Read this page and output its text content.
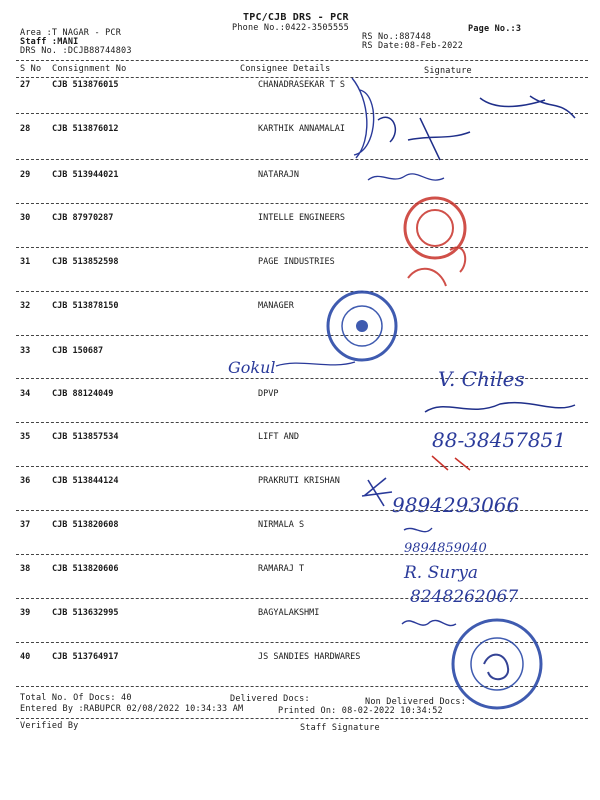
TPC/CJB DRS - PCR
Phone No.:0422-3505555	Page No.:3
Area :T NAGAR - PCR
Staff :MANI	RS No.:887448
RS Date:08-Feb-2022
DRS No. :DCJB88744803
S No Consignment No	Consignee Details	Signature
27	CJB 513876015	CHANADRASEKAR T S
28	CJB 513876012	KARTHIK ANNAMALAI
29	CJB 513944021	NATARAJN
30	CJB 87970287	INTELLE ENGINEERS
31	CJB 513852598	PAGE INDUSTRIES
32	CJB 513878150	MANAGER
33	CJB 150687
34	CJB 88124049	DPVP
35	CJB 513857534	LIFT AND
36	CJB 513844124	PRAKRUTI KRISHAN
37	CJB 513820608	NIRMALA S
38	CJB 513820606	RAMARAJ T
39	CJB 513632995	BAGYALAKSHMI
40	CJB 513764917	JS SANDIES HARDWARES
Total No. Of Docs: 40	Delivered Docs:	Non Delivered Docs:
Entered By :RABUPCR 02/08/2022 10:34:33 AM	Printed On: 08-02-2022 10:34:52
Verified By	Staff Signature
Gokul	V. Chiles
88-38457851
9894293066
9894859040
R. Surya
8248262067
